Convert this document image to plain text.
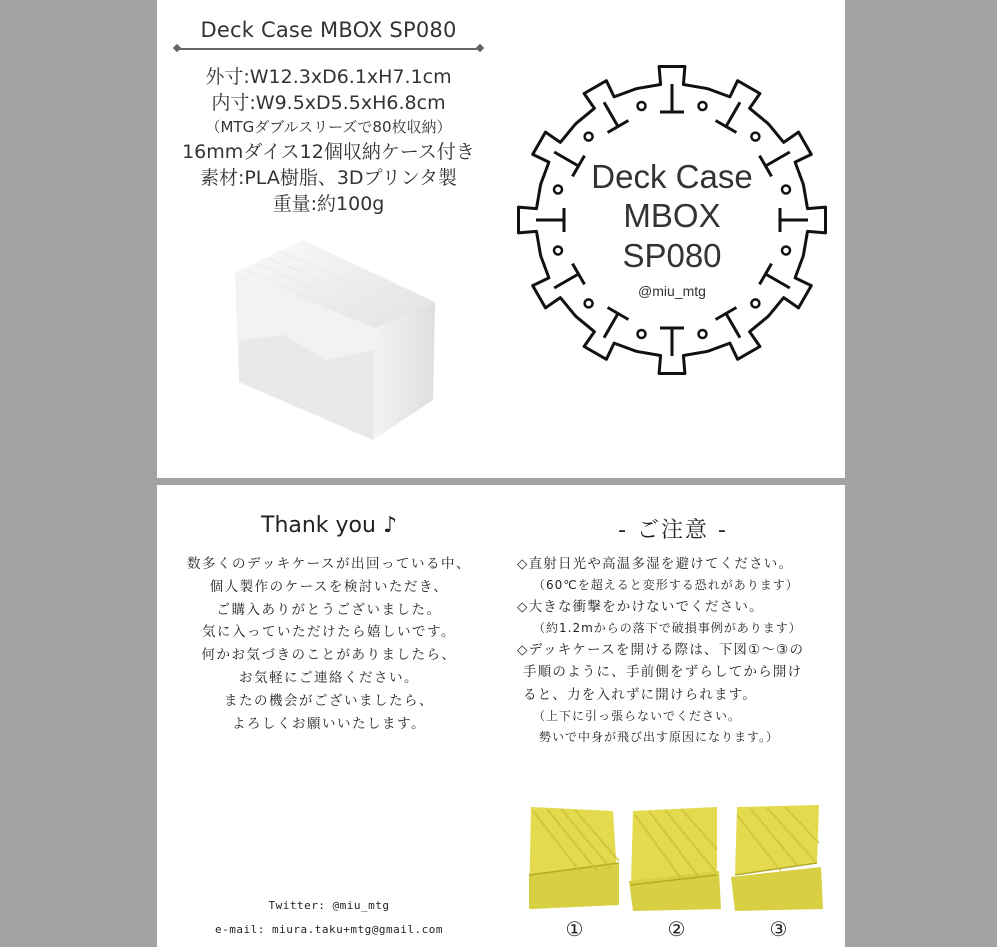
Deck Case MBOX SP080
外寸:W12.3xD6.1xH7.1cm
内寸:W9.5xD5.5xH6.8cm
（MTGダブルスリーズで80枚収納）
16mmダイス12個収納ケース付き
素材:PLA樹脂、3Dプリンタ製
重量:約100g
Deck Case
MBOX
SP080
@miu_mtg
Thank you ♪
数多くのデッキケースが出回っている中、
個人製作のケースを検討いただき、
ご購入ありがとうございました。
気に入っていただけたら嬉しいです。
何かお気づきのことがありましたら、
お気軽にご連絡ください。
またの機会がございましたら、
よろしくお願いいたします。
Twitter: @miu_mtg
e-mail: miura.taku+mtg@gmail.com
- ご注意 -
◇直射日光や高温多湿を避けてください。
（60℃を超えると変形する恐れがあります）
◇大きな衝撃をかけないでください。
（約1.2mからの落下で破損事例があります）
◇デッキケースを開ける際は、下図①～③の
手順のように、手前側をずらしてから開け
ると、力を入れずに開けられます。
（上下に引っ張らないでください。
勢いで中身が飛び出す原因になります。）
①	②	③
